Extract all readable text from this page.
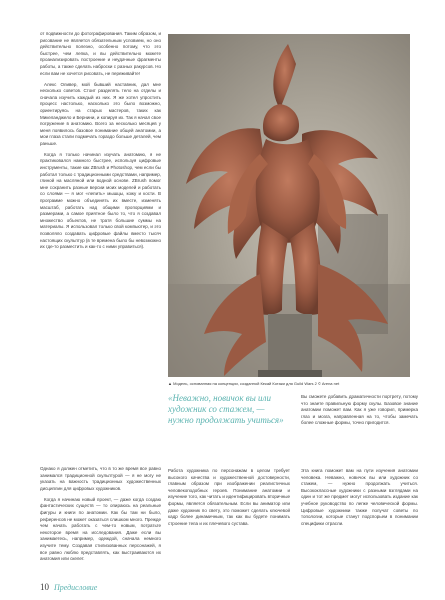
от подвижности до фотографирования. Таким образом, и рисование не является обязательным условием, но оно действительно полезно, особенно потому, что это быстрее, чем лепка, и вы действительно можете проанализировать построение и неудачные фрагменты работы, а также сделать наброски с разных ракурсов. Но если вам не хочется рисовать, не переживайте!

Алекс Оливер, мой бывший наставник, дал мне несколько советов. Стоит разделять тело на отделы и сначала изучить каждый из них. Я же хотел упростить процесс настолько, насколько это было возможно, ориентируясь на старых мастеров, таких как Микеланджело и Бернини, и копируя их. Так я начал свое погружение в анатомию. Всего за несколько месяцев у меня появилось базовое понимание общей анатомии, а мои глаза стали подмечать гораздо больше деталей, чем раньше.

Когда я только начинал изучать анатомию, я не практиковался намного быстрее, используя цифровые инструменты, такие как ZBrush и Photoshop, чем если бы работал только с традиционными средствами, например, глиной на масляной или водной основе. ZBrush помог мне сохранить разные версии моих моделей и работать со слоями — я мог «лепить» мышцы, кожу и кости. В программе можно объединять их вместе, изменять масштаб, работать над общими пропорциями и размерами, а самое приятное было то, что я создавал множество объектов, не тратя большие суммы на материалы. Я использовал только свой компьютер, и это позволяло создавать цифровые файлы вместо тысяч настоящих скульптур (в те времена было бы невозможно их где-то разместить и как-то с ними управиться).

▲ Модель, основанная на концепции, созданной Кекай Котаки для Guild Wars 2 © Arena net
«Неважно, новичок вы или художник со стажем, — нужно продолжать учиться»

Вы сможете добавить драматичности портрету, потому что знаете правильную форму скулы. Базовое знание анатомии поможет вам. Как я уже говорил, примерка глаз и мозга, направленная на то, чтобы замечать более сложные формы, точно пригодится.

Однако я должен отметить, что в то же время все равно занимался традиционной скульптурой — я не могу не указать на важность традиционных художественных дисциплин для цифровых художников.

Когда я начинаю новый проект, — даже когда создаю фантастических существ — то опираюсь на реальные фигуры и книги по анатомии. Как бы там ни было, референсов не может оказаться слишком много. Прежде чем начать работать с чем-то новым, потратьте некоторое время на исследования. Даже если вы занимаетесь, например, одеждой, сначала немного изучите тему. Создавая стилизованных персонажей, я все равно люблю представлять, как выстраиваются их анатомия или скелет.

Работа художника по персонажам в целом требует высокого качества и художественной достоверности, главным образом при изображении реалистичных человекоподобных героев. Понимание анатомии и изучение того, как читать и идентифицировать вторичные формы, является обязательным. Если вы аниматор или даже художник по свету, это поможет сделать ключевой кадр более динамичным, так как вы будете понимать строение тела и их плечевого сустава.

Эта книга поможет вам на пути изучения анатомии человека. Неважно, новичок вы или художник со стажем, — нужно продолжать учиться. Высококлассные художники с разными взглядами на один и тот же предмет могут использовать издание как учебное руководство по лепке человеческой формы. Цифровые художники также получат советы по топологии, которые станут подспорьем в понимании специфики отрасли.

10 Предисловие
